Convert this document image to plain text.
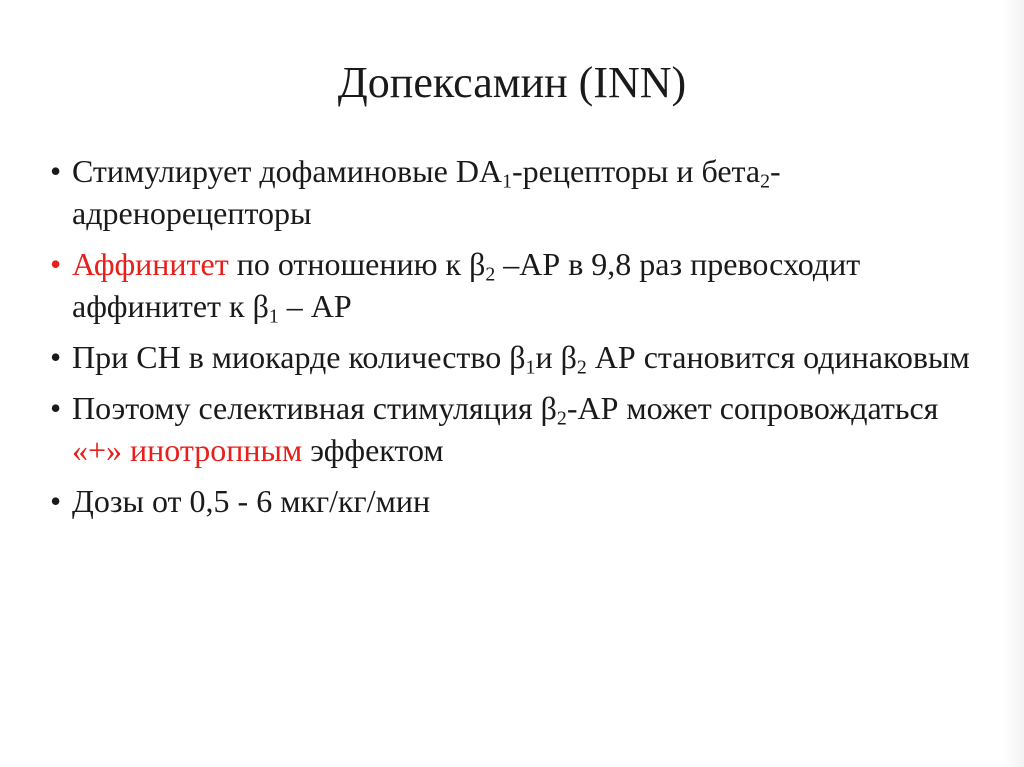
Допексамин (INN)
• Стимулирует дофаминовые $DA_1$-рецепторы и бета$_2$-адренорецепторы
• Аффинитет по отношению к $\beta_2$ –АР в 9,8 раз превосходит аффинитет к $\beta_1$ – АР
• При СН в миокарде количество $\beta_1и$ $\beta_2$ АР становится одинаковым
• Поэтому селективная стимуляция $\beta_2-АР$ может сопровождаться «+» инотропным эффектом
• Дозы от 0,5 - 6 мкг/кг/мин
